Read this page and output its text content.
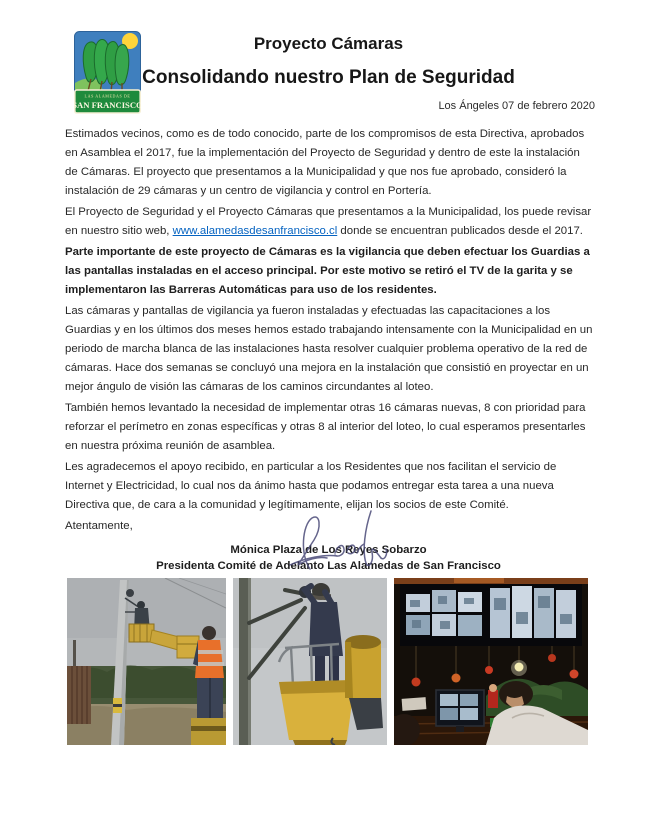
LAS ALAMEDAS DE
SAN FRANCISCO
Proyecto Cámaras
Consolidando nuestro Plan de Seguridad
Los Ángeles 07 de febrero 2020

Estimados vecinos, como es de todo conocido, parte de los compromisos de esta Directiva, aprobados en Asamblea el 2017, fue la implementación del Proyecto de Seguridad y dentro de este la instalación de Cámaras. El proyecto que presentamos a la Municipalidad y que nos fue aprobado, consideró la instalación de 29 cámaras y un centro de vigilancia y control en Portería.

El Proyecto de Seguridad y el Proyecto Cámaras que presentamos a la Municipalidad, los puede revisar en nuestro sitio web, www.alamedasdesanfrancisco.cl donde se encuentran publicados desde el 2017.

Parte importante de este proyecto de Cámaras es la vigilancia que deben efectuar los Guardias a las pantallas instaladas en el acceso principal. Por este motivo se retiró el TV de la garita y se implementaron las Barreras Automáticas para uso de los residentes.

Las cámaras y pantallas de vigilancia ya fueron instaladas y efectuadas las capacitaciones a los Guardias y en los últimos dos meses hemos estado trabajando intensamente con la Municipalidad en un periodo de marcha blanca de las instalaciones hasta resolver cualquier problema operativo de la red de cámaras. Hace dos semanas se concluyó una mejora en la instalación que consistió en proyectar en un mejor ángulo de visión las cámaras de los caminos circundantes al loteo.

También hemos levantado la necesidad de implementar otras 16 cámaras nuevas, 8 con prioridad para reforzar el perímetro en zonas específicas y otras 8 al interior del loteo, lo cual esperamos presentarles en nuestra próxima reunión de asamblea.

Les agradecemos el apoyo recibido, en particular a los Residentes que nos facilitan el servicio de Internet y Electricidad, lo cual nos da ánimo hasta que podamos entregar esta tarea a una nueva Directiva que, de cara a la comunidad y legítimamente, elijan los socios de este Comité.

Atentamente,

Mónica Plaza de Los Reyes Sobarzo
Presidenta Comité de Adelanto Las Alamedas de San Francisco
